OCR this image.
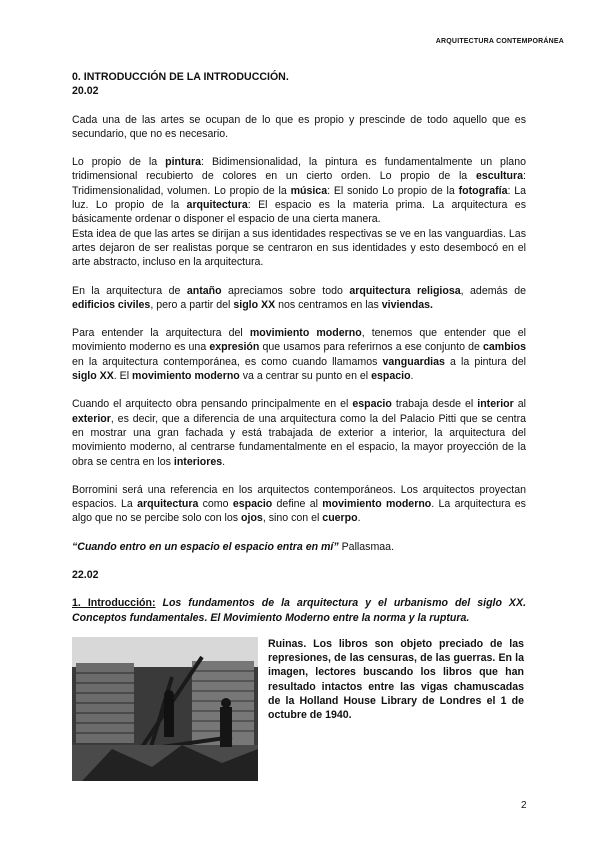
ARQUITECTURA CONTEMPORÁNEA
0. INTRODUCCIÓN DE LA INTRODUCCIÓN.
20.02

Cada una de las artes se ocupan de lo que es propio y prescinde de todo aquello que es secundario, que no es necesario.

Lo propio de la pintura: Bidimensionalidad, la pintura es fundamentalmente un plano tridimensional recubierto de colores en un cierto orden. Lo propio de la escultura: Tridimensionalidad, volumen. Lo propio de la música: El sonido Lo propio de la fotografía: La luz. Lo propio de la arquitectura: El espacio es la materia prima. La arquitectura es básicamente ordenar o disponer el espacio de una cierta manera.

Esta idea de que las artes se dirijan a sus identidades respectivas se ve en las vanguardias. Las artes dejaron de ser realistas porque se centraron en sus identidades y esto desembocó en el arte abstracto, incluso en la arquitectura.

En la arquitectura de antaño apreciamos sobre todo arquitectura religiosa, además de edificios civiles, pero a partir del siglo XX nos centramos en las viviendas.

Para entender la arquitectura del movimiento moderno, tenemos que entender que el movimiento moderno es una expresión que usamos para referirnos a ese conjunto de cambios en la arquitectura contemporánea, es como cuando llamamos vanguardias a la pintura del siglo XX. El movimiento moderno va a centrar su punto en el espacio.

Cuando el arquitecto obra pensando principalmente en el espacio trabaja desde el interior al exterior, es decir, que a diferencia de una arquitectura como la del Palacio Pitti que se centra en mostrar una gran fachada y está trabajada de exterior a interior, la arquitectura del movimiento moderno, al centrarse fundamentalmente en el espacio, la mayor proyección de la obra se centra en los interiores.

Borromini será una referencia en los arquitectos contemporáneos. Los arquitectos proyectan espacios. La arquitectura como espacio define al movimiento moderno. La arquitectura es algo que no se percibe solo con los ojos, sino con el cuerpo.

“Cuando entro en un espacio el espacio entra en mí” Pallasmaa.

22.02

1. Introducción: Los fundamentos de la arquitectura y el urbanismo del siglo XX. Conceptos fundamentales. El Movimiento Moderno entre la norma y la ruptura.

Ruinas. Los libros son objeto preciado de las represiones, de las censuras, de las guerras. En la imagen, lectores buscando los libros que han resultado intactos entre las vigas chamuscadas de la Holland House Library de Londres el 1 de octubre de 1940.
2
